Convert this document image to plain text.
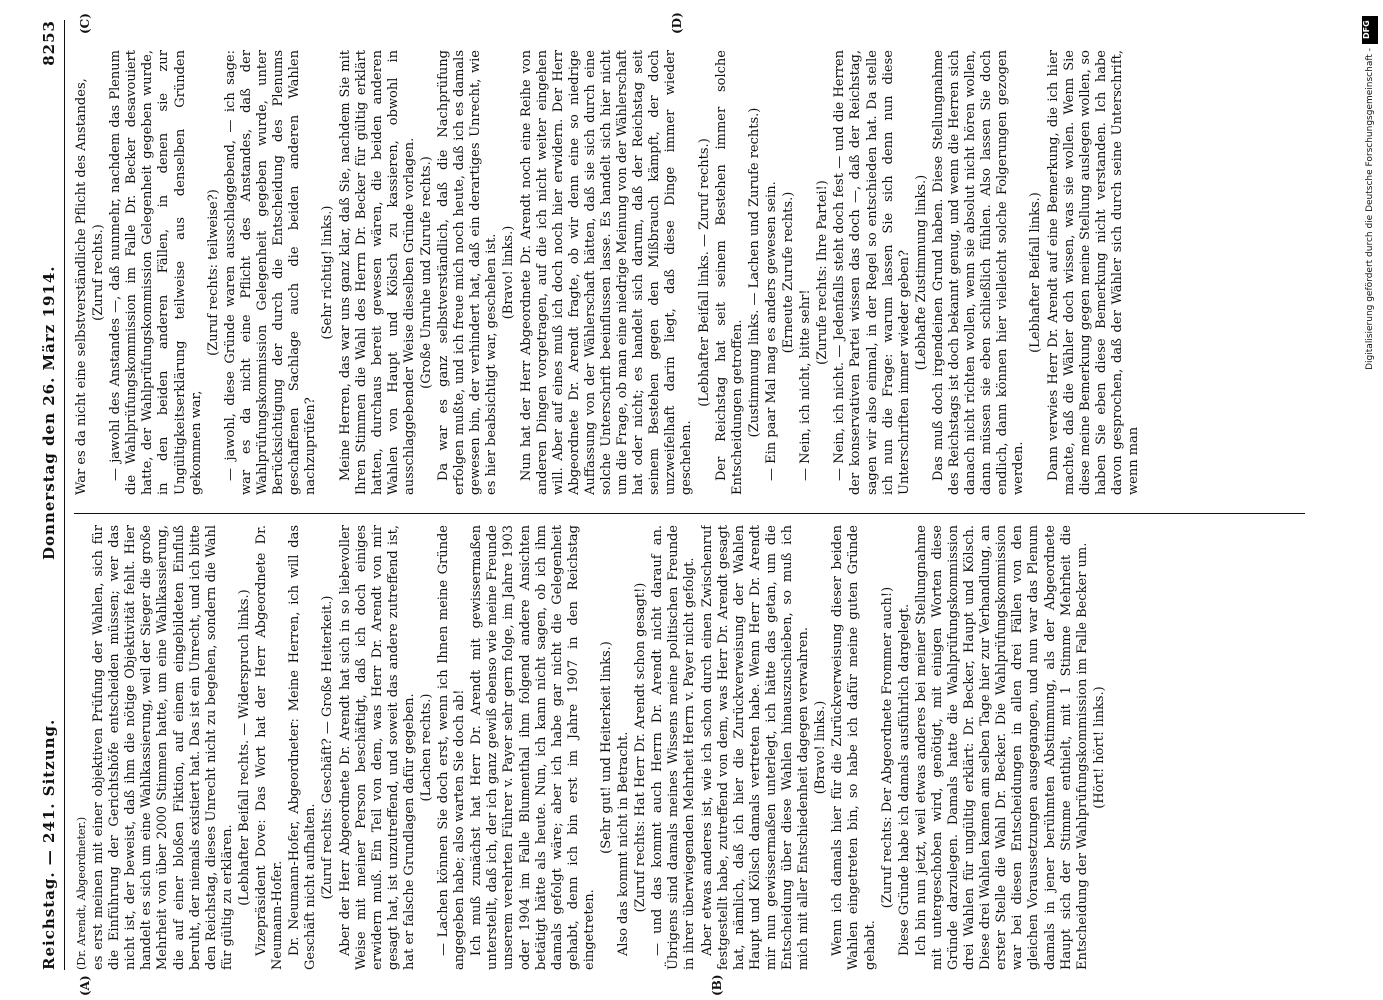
Reichstag. — 241. Sitzung.
Donnerstag den 26. März 1914.
8253
(A)	(B)
(C)	(D)

(Dr. Arendt, Abgeordneter.) es erst meinen mit einer objektiven Prüfung der Wahlen, sich für die Einführung der Gerichtshöfe entscheiden müssen; wer das nicht ist, der beweist, daß ihm die nötige Objektivität fehlt. Hier handelt es sich um eine Wahlkassierung, weil der Sieger die große Mehrheit von über 2000 Stimmen hatte, um eine Wahlkassierung, die auf einer bloßen Fiktion, auf einem eingebildeten Einfluß beruht, der niemals existiert hat. Das ist ein Unrecht, und ich bitte den Reichstag, dieses Unrecht nicht zu begehen, sondern die Wahl für gültig zu erklären. (Lebhafter Beifall rechts. — Widerspruch links.) Vizepräsident Dove: Das Wort hat der Herr Abgeordnete Dr. Neumann-Hofer. Dr. Neumann-Hofer, Abgeordneter: Meine Herren, ich will das Geschäft nicht aufhalten. (Zuruf rechts: Geschäft? — Große Heiterkeit.) Aber der Herr Abgeordnete Dr. Arendt hat sich in so liebevoller Weise mit meiner Person beschäftigt, daß ich doch einiges erwidern muß. Ein Teil von dem, was Herr Dr. Arendt von mir gesagt hat, ist unzutreffend, und soweit das andere zutreffend ist, hat er falsche Grundlagen dafür gegeben. (Lachen rechts.) — Lachen können Sie doch erst, wenn ich Ihnen meine Gründe angegeben habe; also warten Sie doch ab! Ich muß zunächst hat Herr Dr. Arendt mit gewissermaßen unterstellt, daß ich, der ich ganz gewiß ebenso wie meine Freunde unserem verehrten Führer v. Payer sehr gern folge, im Jahre 1903 oder 1904 im Falle Blumenthal ihm folgend andere Ansichten betätigt hätte als heute. Nun, ich kann nicht sagen, ob ich ihm damals gefolgt wäre; aber ich habe gar nicht die Gelegenheit gehabt, denn ich bin erst im Jahre 1907 in den Reichstag eingetreten.

(Sehr gut! und Heiterkeit links.) Also das kommt nicht in Betracht. (Zuruf rechts: Hat Herr Dr. Arendt schon gesagt!) — und das kommt auch Herrn Dr. Arendt nicht darauf an. Übrigens sind damals meines Wissens meine politischen Freunde in ihrer überwiegenden Mehrheit Herrn v. Payer nicht gefolgt. Aber etwas anderes ist, wie ich schon durch einen Zwischenruf festgestellt habe, zutreffend von dem, was Herr Dr. Arendt gesagt hat, nämlich, daß ich hier die Zurückverweisung der Wahlen Haupt und Kölsch damals vertreten habe. Wenn Herr Dr. Arendt mir nun gewissermaßen unterlegt, ich hätte das getan, um die Entscheidung über diese Wahlen hinauszuschieben, so muß ich mich mit aller Entschiedenheit dagegen verwahren. (Bravo! links.) Wenn ich damals hier für die Zurückverweisung dieser beiden Wahlen eingetreten bin, so habe ich dafür meine guten Gründe gehabt.

(Zuruf rechts: Der Abgeordnete Frommer auch!) Diese Gründe habe ich damals ausführlich dargelegt. Ich bin nun jetzt, weil etwas anderes bei meiner Stellungnahme mit untergeschoben wird, genötigt, mit einigen Worten diese Gründe darzulegen. Damals hatte die Wahlprüfungskommission drei Wahlen für ungültig erklärt: Dr. Becker, Haupt und Kölsch. Diese drei Wahlen kamen am selben Tage hier zur Verhandlung, an erster Stelle die Wahl Dr. Becker. Die Wahlprüfungskommission war bei diesen Entscheidungen in allen drei Fällen von den gleichen Voraussetzungen ausgegangen, und nun war das Plenum damals in jener berühmten Abstimmung, als der Abgeordnete Haupt sich der Stimme enthielt, mit 1 Stimme Mehrheit die Entscheidung der Wahlprüfungskommission im Falle Becker um. (Hört! hört! links.)

War es da nicht eine selbstverständliche Pflicht des Anstandes, (Zuruf rechts.) — jawohl des Anstandes —, daß nunmehr, nachdem das Plenum die Wahlprüfungskommission im Falle Dr. Becker desavouiert hatte, der Wahlprüfungskommission Gelegenheit gegeben wurde, in den beiden anderen Fällen, in denen sie zur Ungültigkeitserklärung teilweise aus denselben Gründen gekommen war,

(Zuruf rechts: teilweise?) — jawohl, diese Gründe waren ausschlaggebend, — ich sage: war es da nicht eine Pflicht des Anstandes, daß der Wahlprüfungskommission Gelegenheit gegeben wurde, unter Berücksichtigung der durch die Entscheidung des Plenums geschaffenen Sachlage auch die beiden anderen Wahlen nachzuprüfen?

(Sehr richtig! links.) Meine Herren, das war uns ganz klar, daß Sie, nachdem Sie mit Ihren Stimmen die Wahl des Herrn Dr. Becker für gültig erklärt hatten, durchaus bereit gewesen wären, die beiden anderen Wahlen von Haupt und Kölsch zu kassieren, obwohl in ausschlaggebender Weise dieselben Gründe vorlagen. (Große Unruhe und Zurufe rechts.) Da war es ganz selbstverständlich, daß die Nachprüfung erfolgen mußte, und ich freue mich noch heute, daß ich es damals gewesen bin, der verhindert hat, daß ein derartiges Unrecht, wie es hier beabsichtigt war, geschehen ist. (Bravo! links.) Nun hat der Herr Abgeordnete Dr. Arendt noch eine Reihe von anderen Dingen vorgetragen, auf die ich nicht weiter eingehen will. Aber auf eines muß ich doch noch hier erwidern. Der Herr Abgeordnete Dr. Arendt fragte, ob wir denn eine so niedrige Auffassung von der Wählerschaft hätten, daß sie sich durch eine solche Unterschrift beeinflussen lasse. Es handelt sich hier nicht um die Frage, ob man eine niedrige Meinung von der Wählerschaft hat oder nicht; es handelt sich darum, daß der Reichstag seit seinem Bestehen gegen den Mißbrauch kämpft, der doch unzweifelhaft darin liegt, daß diese Dinge immer wieder geschehen.

(Lebhafter Beifall links. — Zuruf rechts.) Der Reichstag hat seit seinem Bestehen immer solche Entscheidungen getroffen. (Zustimmung links. — Lachen und Zurufe rechts.) — Ein paar Mal mag es anders gewesen sein. (Erneute Zurufe rechts.)

— Nein, ich nicht, bitte sehr!

(Zurufe rechts: Ihre Partei!) — Nein, ich nicht. — Jedenfalls steht doch fest — und die Herren der konservativen Partei wissen das doch —, daß der Reichstag, sagen wir also einmal, in der Regel so entschieden hat. Da stelle ich nun die Frage: warum lassen Sie sich denn nun diese Unterschriften immer wieder geben? (Lebhafte Zustimmung links.) Das muß doch irgendeinen Grund haben. Diese Stellungnahme des Reichstags ist doch bekannt genug, und wenn die Herren sich danach nicht richten wollen, wenn sie absolut nicht hören wollen, dann müssen sie eben schließlich fühlen. Also lassen Sie doch endlich, dann können hier vielleicht solche Folgerungen gezogen werden.

(Lebhafter Beifall links.) Dann verwies Herr Dr. Arendt auf eine Bemerkung, die ich hier machte, daß die Wähler doch wissen, was sie wollen. Wenn Sie diese meine Bemerkung gegen meine Stellung auslegen wollen, so haben Sie eben diese Bemerkung nicht verstanden. Ich habe davon gesprochen, daß der Wähler sich durch seine Unterschrift, wenn man

DFG
Digitalisierung gefördert durch die Deutsche Forschungsgemeinschaft -
